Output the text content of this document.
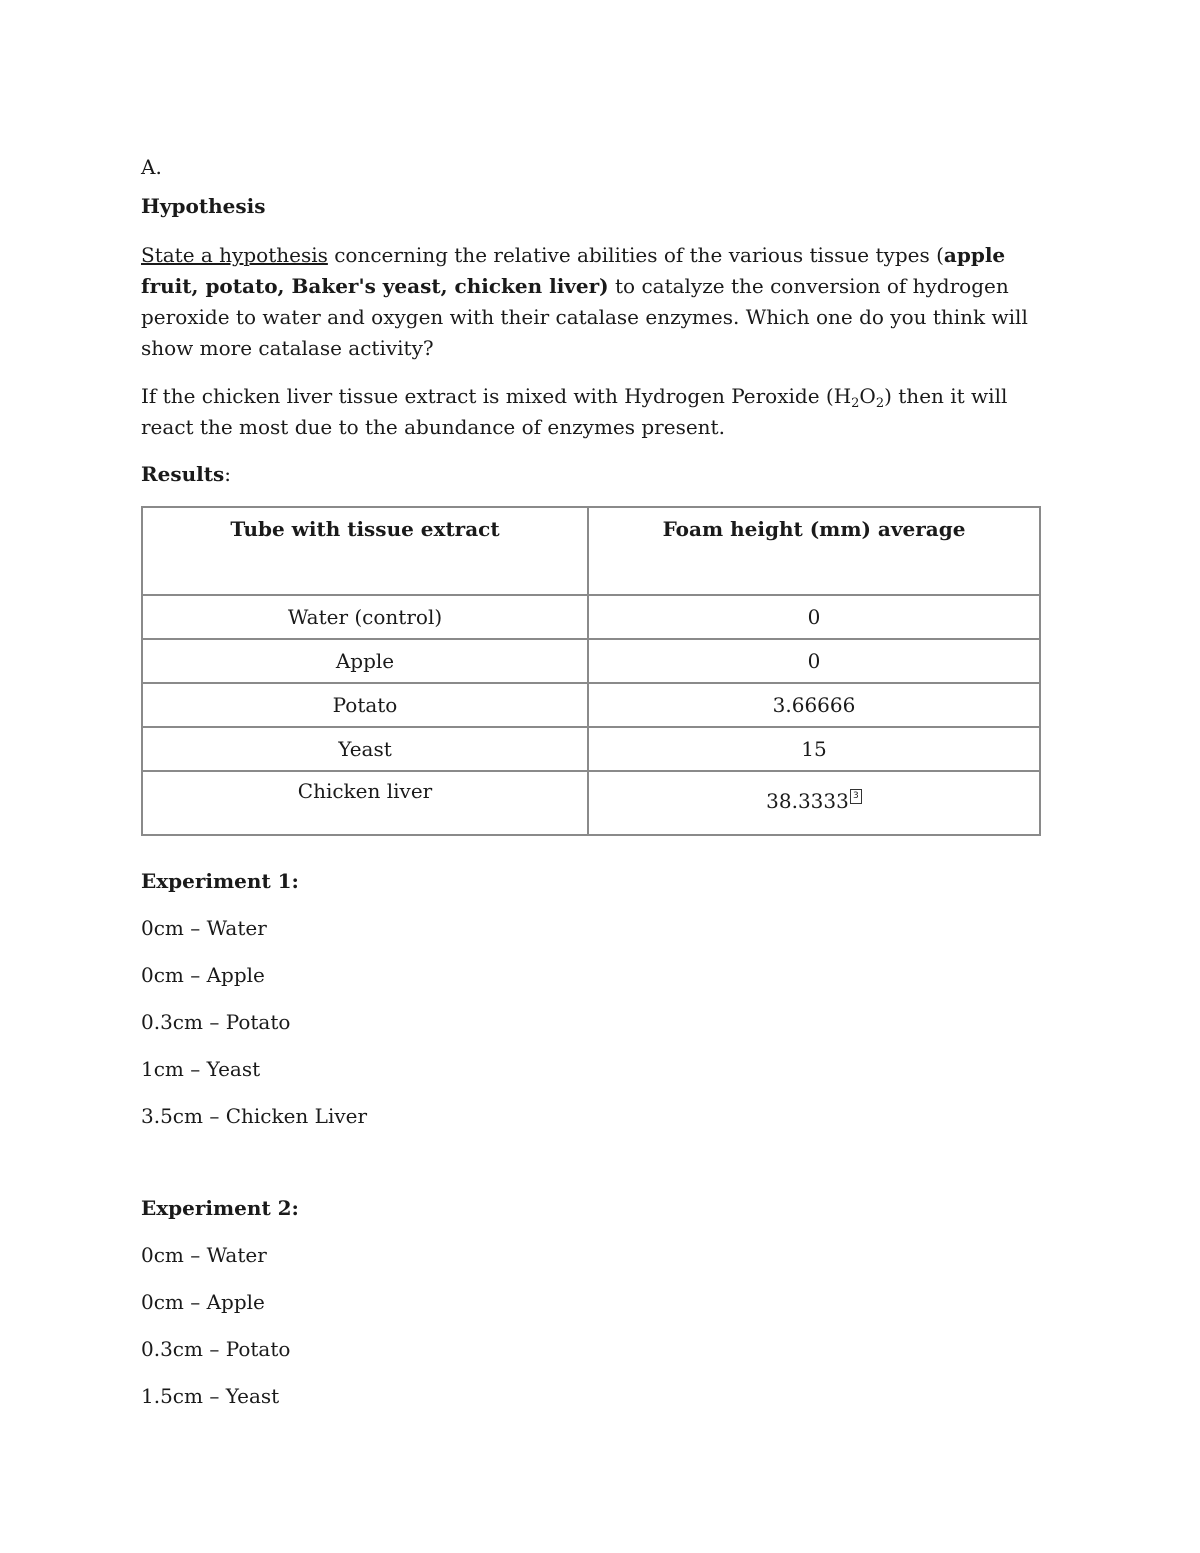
A.

Hypothesis

State a hypothesis concerning the relative abilities of the various tissue types (apple fruit, potato, Baker's yeast, chicken liver) to catalyze the conversion of hydrogen peroxide to water and oxygen with their catalase enzymes. Which one do you think will show more catalase activity?

If the chicken liver tissue extract is mixed with Hydrogen Peroxide $(H_2O_2)$ then it will react the most due to the abundance of enzymes present.

Results:

Tube with tissue extract	Foam height (mm) average
Water (control)	0
Apple	0
Potato	3.66666
Yeast	15
Chicken liver	38.3333 3

Experiment 1:

0cm – Water

0cm – Apple

0.3cm – Potato

1cm – Yeast

3.5cm – Chicken Liver

Experiment 2:

0cm – Water

0cm – Apple

0.3cm – Potato

1.5cm – Yeast
